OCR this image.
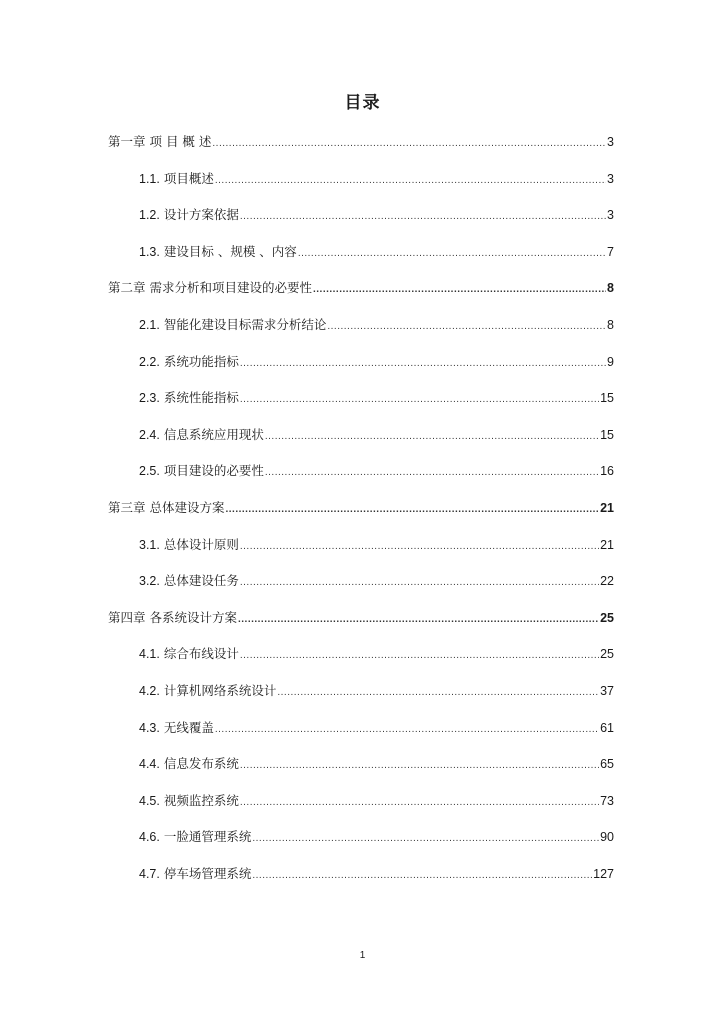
目录
第一章 项 目 概 述 .....	3
1.1. 项目概述 .....	3
1.2. 设计方案依据 .....	3
1.3. 建设目标 、规模 、内容 .....	7
第二章 需求分析和项目建设的必要性 .....	8
2.1. 智能化建设目标需求分析结论 .....	8
2.2. 系统功能指标 .....	9
2.3. 系统性能指标 .....	15
2.4. 信息系统应用现状 .....	15
2.5. 项目建设的必要性 .....	16
第三章 总体建设方案 .....	21
3.1. 总体设计原则 .....	21
3.2. 总体建设任务 .....	22
第四章 各系统设计方案 .....	25
4.1. 综合布线设计 .....	25
4.2. 计算机网络系统设计 .....	37
4.3. 无线覆盖 .....	61
4.4. 信息发布系统 .....	65
4.5. 视频监控系统 .....	73
4.6. 一脸通管理系统 .....	90
4.7. 停车场管理系统 .....	127
1
